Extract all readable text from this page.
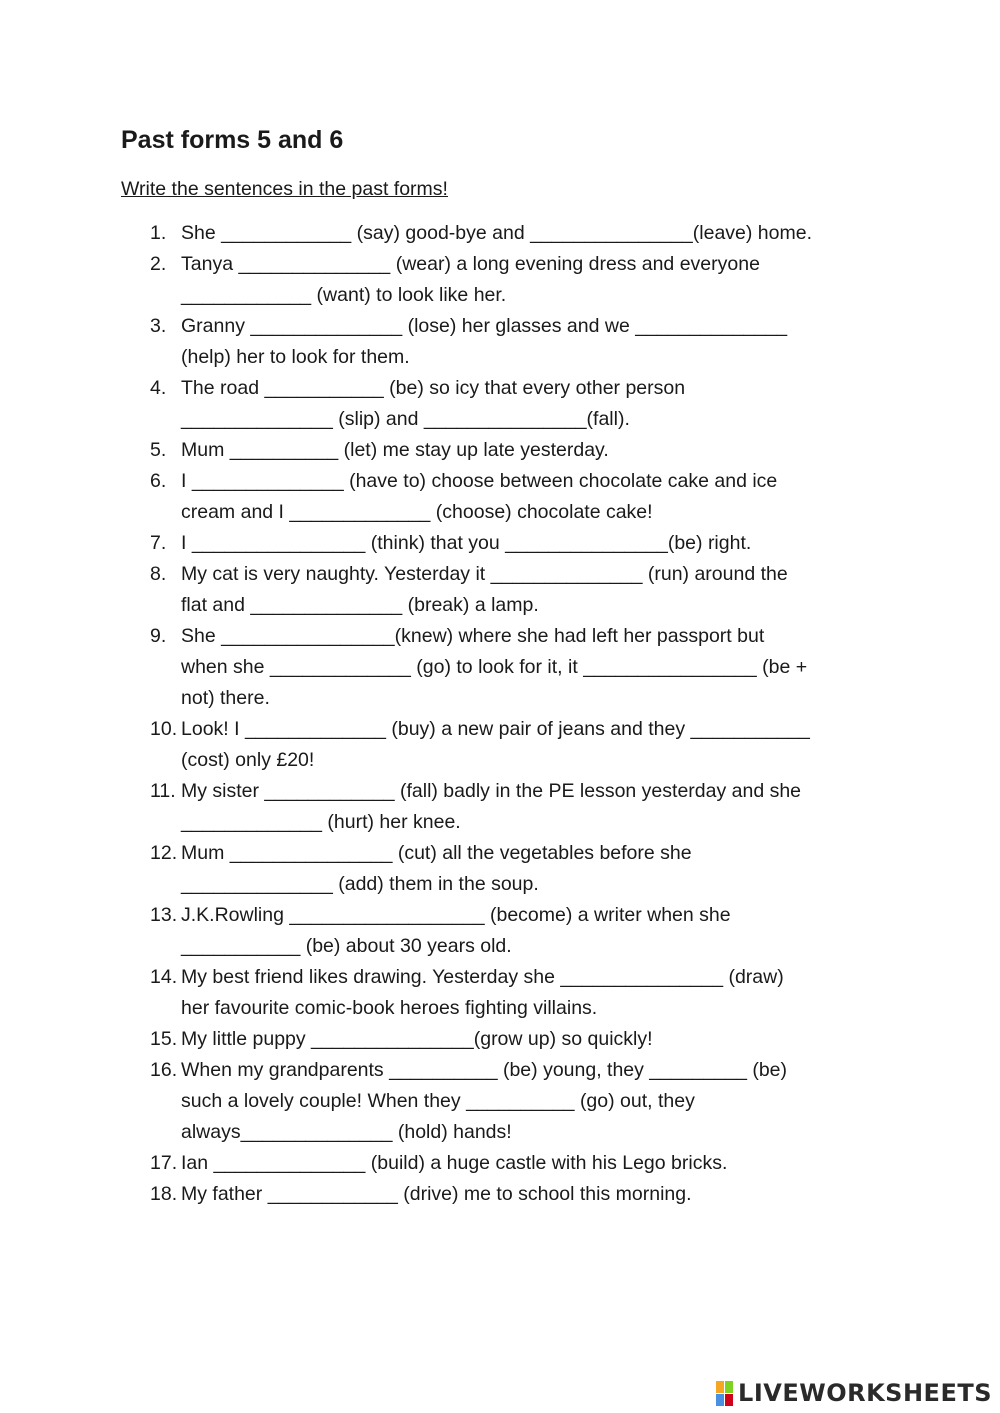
Past forms 5 and 6
Write the sentences in the past forms!
1. She ____________ (say) good-bye and _______________(leave) home.
2. Tanya ______________ (wear) a long evening dress and everyone
____________ (want) to look like her.
3. Granny ______________ (lose) her glasses and we ______________
(help) her to look for them.
4. The road ___________ (be) so icy that every other person
______________ (slip) and _______________(fall).
5. Mum __________ (let) me stay up late yesterday.
6. I ______________ (have to) choose between chocolate cake and ice
cream and I _____________ (choose) chocolate cake!
7. I ________________ (think) that you _______________(be) right.
8. My cat is very naughty. Yesterday it ______________ (run) around the
flat and ______________ (break) a lamp.
9. She ________________(knew) where she had left her passport but
when she _____________ (go) to look for it, it ________________ (be +
not) there.
10. Look! I _____________ (buy) a new pair of jeans and they ___________
(cost) only £20!
11. My sister ____________ (fall) badly in the PE lesson yesterday and she
_____________ (hurt) her knee.
12. Mum _______________ (cut) all the vegetables before she
______________ (add) them in the soup.
13. J.K.Rowling __________________ (become) a writer when she
___________ (be) about 30 years old.
14. My best friend likes drawing. Yesterday she _______________ (draw)
her favourite comic-book heroes fighting villains.
15. My little puppy _______________(grow up) so quickly!
16. When my grandparents __________ (be) young, they _________ (be)
such a lovely couple! When they __________ (go) out, they
always______________ (hold) hands!
17. Ian ______________ (build) a huge castle with his Lego bricks.
18. My father ____________ (drive) me to school this morning.
LIVEWORKSHEETS
